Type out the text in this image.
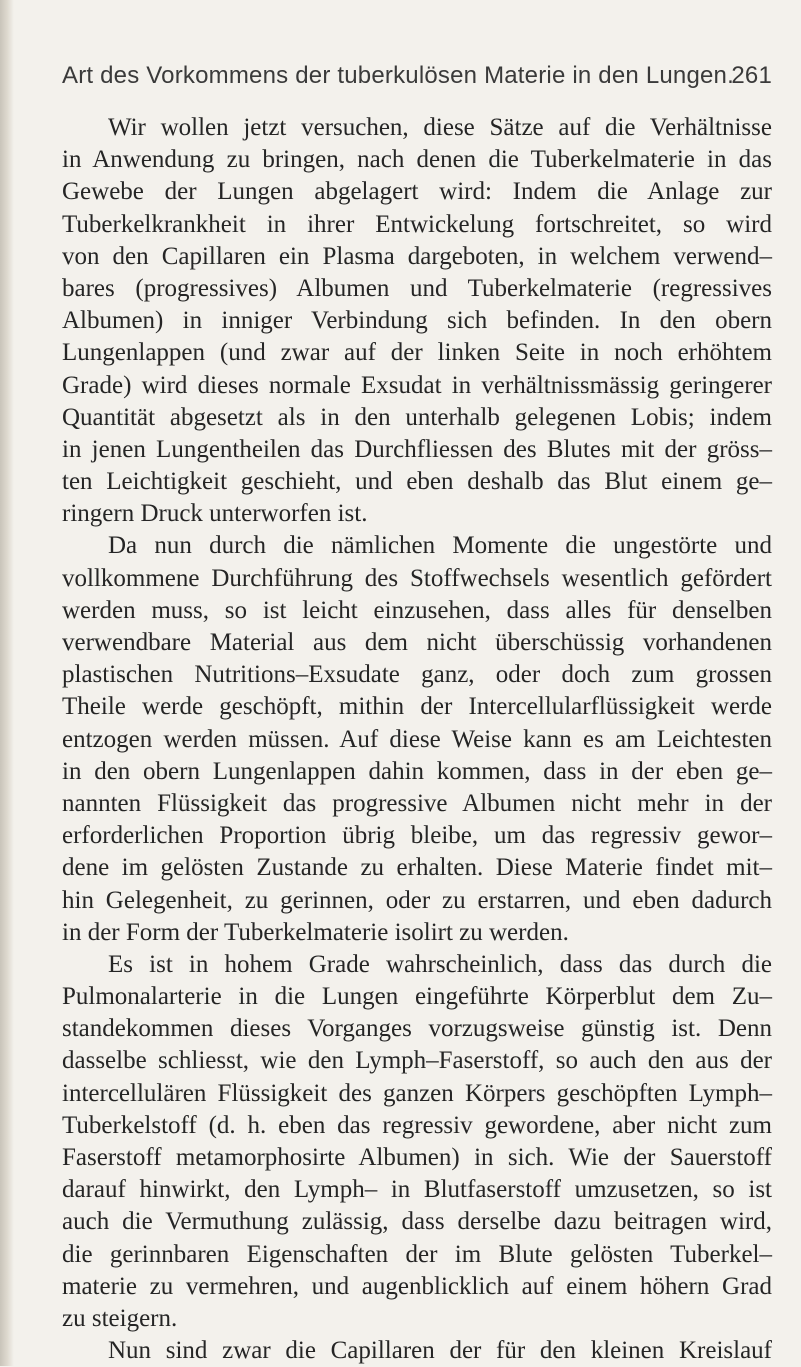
Art des Vorkommens der tuberkulösen Materie in den Lungen.
261
Wir wollen jetzt versuchen, diese Sätze auf die Verhältnisse
in Anwendung zu bringen, nach denen die Tuberkelmaterie in das
Gewebe der Lungen abgelagert wird: Indem die Anlage zur
Tuberkelkrankheit in ihrer Entwickelung fortschreitet, so wird
von den Capillaren ein Plasma dargeboten, in welchem verwend–
bares (progressives) Albumen und Tuberkelmaterie (regressives
Albumen) in inniger Verbindung sich befinden. In den obern
Lungenlappen (und zwar auf der linken Seite in noch erhöhtem
Grade) wird dieses normale Exsudat in verhältnissmässig geringerer
Quantität abgesetzt als in den unterhalb gelegenen Lobis; indem
in jenen Lungentheilen das Durchfliessen des Blutes mit der gröss–
ten Leichtigkeit geschieht, und eben deshalb das Blut einem ge–
ringern Druck unterworfen ist.
Da nun durch die nämlichen Momente die ungestörte und
vollkommene Durchführung des Stoffwechsels wesentlich gefördert
werden muss, so ist leicht einzusehen, dass alles für denselben
verwendbare Material aus dem nicht überschüssig vorhandenen
plastischen Nutritions–Exsudate ganz, oder doch zum grossen
Theile werde geschöpft, mithin der Intercellularflüssigkeit werde
entzogen werden müssen. Auf diese Weise kann es am Leichtesten
in den obern Lungenlappen dahin kommen, dass in der eben ge–
nannten Flüssigkeit das progressive Albumen nicht mehr in der
erforderlichen Proportion übrig bleibe, um das regressiv gewor–
dene im gelösten Zustande zu erhalten. Diese Materie findet mit–
hin Gelegenheit, zu gerinnen, oder zu erstarren, und eben dadurch
in der Form der Tuberkelmaterie isolirt zu werden.
Es ist in hohem Grade wahrscheinlich, dass das durch die
Pulmonalarterie in die Lungen eingeführte Körperblut dem Zu–
standekommen dieses Vorganges vorzugsweise günstig ist. Denn
dasselbe schliesst, wie den Lymph–Faserstoff, so auch den aus der
intercellulären Flüssigkeit des ganzen Körpers geschöpften Lymph–
Tuberkelstoff (d. h. eben das regressiv gewordene, aber nicht zum
Faserstoff metamorphosirte Albumen) in sich. Wie der Sauerstoff
darauf hinwirkt, den Lymph– in Blutfaserstoff umzusetzen, so ist
auch die Vermuthung zulässig, dass derselbe dazu beitragen wird,
die gerinnbaren Eigenschaften der im Blute gelösten Tuberkel–
materie zu vermehren, und augenblicklich auf einem höhern Grad
zu steigern.
Nun sind zwar die Capillaren der für den kleinen Kreislauf
